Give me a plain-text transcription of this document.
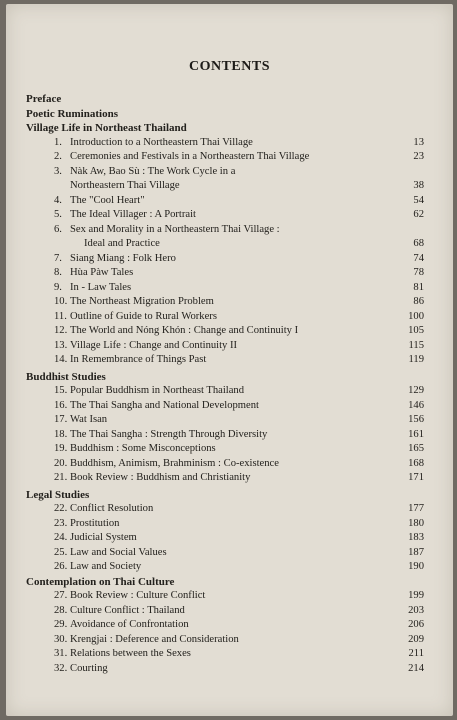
CONTENTS
Preface
Poetic Ruminations
Village Life in Northeast Thailand
1. Introduction to a Northeastern Thai Village	13
2. Ceremonies and Festivals in a Northeastern Thai Village	23
3. Nàk Aw, Bao Sù : The Work Cycle in a
Northeastern Thai Village	38
4. The "Cool Heart"	54
5. The Ideal Villager : A Portrait	62
6. Sex and Morality in a Northeastern Thai Village :
Ideal and Practice	68
7. Siang Miang : Folk Hero	74
8. Hùa Pàw Tales	78
9. In - Law Tales	81
10. The Northeast Migration Problem	86
11. Outline of Guide to Rural Workers	100
12. The World and Nóng Khón : Change and Continuity I	105
13. Village Life : Change and Continuity II	115
14. In Remembrance of Things Past	119
Buddhist Studies
15. Popular Buddhism in Northeast Thailand	129
16. The Thai Sangha and National Development	146
17. Wat Isan	156
18. The Thai Sangha : Strength Through Diversity	161
19. Buddhism : Some Misconceptions	165
20. Buddhism, Animism, Brahminism : Co-existence	168
21. Book Review : Buddhism and Christianity	171
Legal Studies
22. Conflict Resolution	177
23. Prostitution	180
24. Judicial System	183
25. Law and Social Values	187
26. Law and Society	190
Contemplation on Thai Culture
27. Book Review : Culture Conflict	199
28. Culture Conflict : Thailand	203
29. Avoidance of Confrontation	206
30. Krengjai : Deference and Consideration	209
31. Relations between the Sexes	211
32. Courting	214
